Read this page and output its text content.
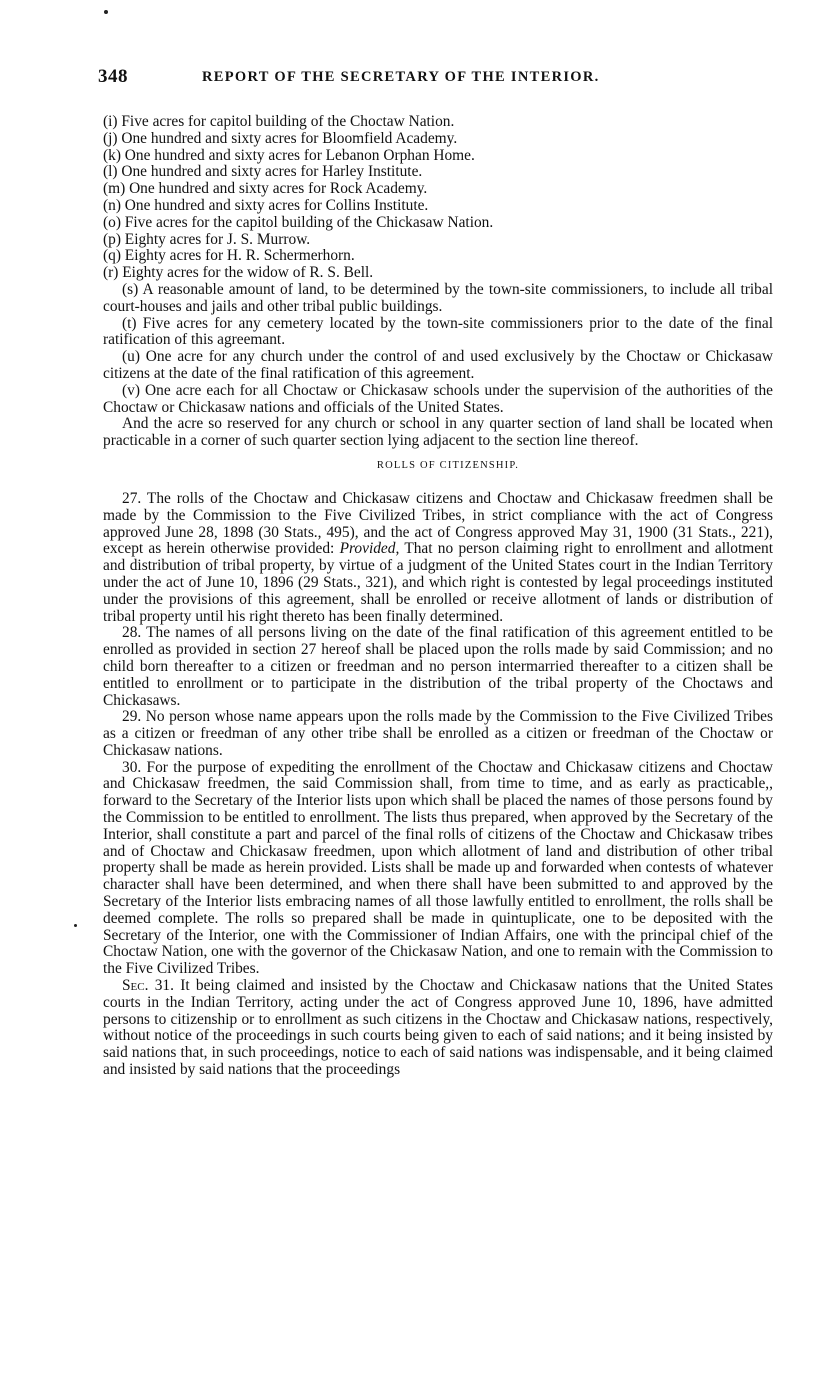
348	REPORT OF THE SECRETARY OF THE INTERIOR.

(i) Five acres for capitol building of the Choctaw Nation.

(j) One hundred and sixty acres for Bloomfield Academy.

(k) One hundred and sixty acres for Lebanon Orphan Home.

(l) One hundred and sixty acres for Harley Institute.

(m) One hundred and sixty acres for Rock Academy.

(n) One hundred and sixty acres for Collins Institute.

(o) Five acres for the capitol building of the Chickasaw Nation.

(p) Eighty acres for J. S. Murrow.

(q) Eighty acres for H. R. Schermerhorn.

(r) Eighty acres for the widow of R. S. Bell.

(s) A reasonable amount of land, to be determined by the town-site commissioners, to include all tribal court-houses and jails and other tribal public buildings.

(t) Five acres for any cemetery located by the town-site commissioners prior to the date of the final ratification of this agreemant.

(u) One acre for any church under the control of and used exclusively by the Choctaw or Chickasaw citizens at the date of the final ratification of this agreement.

(v) One acre each for all Choctaw or Chickasaw schools under the supervision of the authorities of the Choctaw or Chickasaw nations and officials of the United States.

And the acre so reserved for any church or school in any quarter section of land shall be located when practicable in a corner of such quarter section lying adjacent to the section line thereof.

ROLLS OF CITIZENSHIP.

27. The rolls of the Choctaw and Chickasaw citizens and Choctaw and Chickasaw freedmen shall be made by the Commission to the Five Civilized Tribes, in strict compliance with the act of Congress approved June 28, 1898 (30 Stats., 495), and the act of Congress approved May 31, 1900 (31 Stats., 221), except as herein otherwise provided: Provided, That no person claiming right to enrollment and allotment and distribution of tribal property, by virtue of a judgment of the United States court in the Indian Territory under the act of June 10, 1896 (29 Stats., 321), and which right is contested by legal proceedings instituted under the provisions of this agreement, shall be enrolled or receive allotment of lands or distribution of tribal property until his right thereto has been finally determined.

28. The names of all persons living on the date of the final ratification of this agreement entitled to be enrolled as provided in section 27 hereof shall be placed upon the rolls made by said Commission; and no child born thereafter to a citizen or freedman and no person intermarried thereafter to a citizen shall be entitled to enrollment or to participate in the distribution of the tribal property of the Choctaws and Chickasaws.

29. No person whose name appears upon the rolls made by the Commission to the Five Civilized Tribes as a citizen or freedman of any other tribe shall be enrolled as a citizen or freedman of the Choctaw or Chickasaw nations.

30. For the purpose of expediting the enrollment of the Choctaw and Chickasaw citizens and Choctaw and Chickasaw freedmen, the said Commission shall, from time to time, and as early as practicable,, forward to the Secretary of the Interior lists upon which shall be placed the names of those persons found by the Commission to be entitled to enrollment. The lists thus prepared, when approved by the Secretary of the Interior, shall constitute a part and parcel of the final rolls of citizens of the Choctaw and Chickasaw tribes and of Choctaw and Chickasaw freedmen, upon which allotment of land and distribution of other tribal property shall be made as herein provided. Lists shall be made up and forwarded when contests of whatever character shall have been determined, and when there shall have been submitted to and approved by the Secretary of the Interior lists embracing names of all those lawfully entitled to enrollment, the rolls shall be deemed complete. The rolls so prepared shall be made in quintuplicate, one to be deposited with the Secretary of the Interior, one with the Commissioner of Indian Affairs, one with the principal chief of the Choctaw Nation, one with the governor of the Chickasaw Nation, and one to remain with the Commission to the Five Civilized Tribes.

Sec. 31. It being claimed and insisted by the Choctaw and Chickasaw nations that the United States courts in the Indian Territory, acting under the act of Congress approved June 10, 1896, have admitted persons to citizenship or to enrollment as such citizens in the Choctaw and Chickasaw nations, respectively, without notice of the proceedings in such courts being given to each of said nations; and it being insisted by said nations that, in such proceedings, notice to each of said nations was indispensable, and it being claimed and insisted by said nations that the proceedings
